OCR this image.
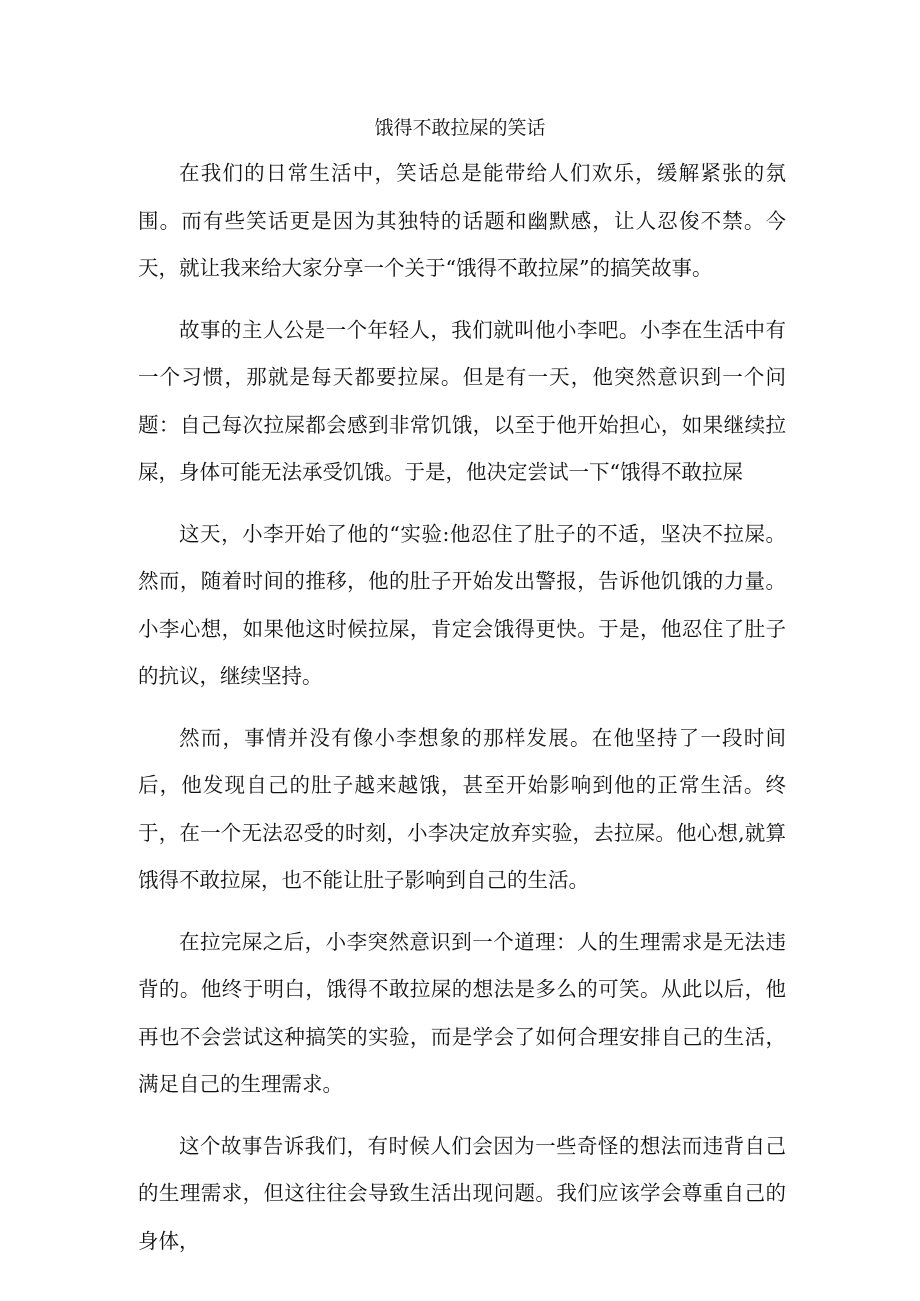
饿得不敢拉屎的笑话

在我们的日常生活中，笑话总是能带给人们欢乐，缓解紧张的氛围。而有些笑话更是因为其独特的话题和幽默感，让人忍俊不禁。今天，就让我来给大家分享一个关于“饿得不敢拉屎”的搞笑故事。

故事的主人公是一个年轻人，我们就叫他小李吧。小李在生活中有一个习惯，那就是每天都要拉屎。但是有一天，他突然意识到一个问题：自己每次拉屎都会感到非常饥饿，以至于他开始担心，如果继续拉屎，身体可能无法承受饥饿。于是，他决定尝试一下“饿得不敢拉屎

这天，小李开始了他的“实验:他忍住了肚子的不适，坚决不拉屎。然而，随着时间的推移，他的肚子开始发出警报，告诉他饥饿的力量。小李心想，如果他这时候拉屎，肯定会饿得更快。于是，他忍住了肚子的抗议，继续坚持。

然而，事情并没有像小李想象的那样发展。在他坚持了一段时间后，他发现自己的肚子越来越饿，甚至开始影响到他的正常生活。终于，在一个无法忍受的时刻，小李决定放弃实验，去拉屎。他心想,就算饿得不敢拉屎，也不能让肚子影响到自己的生活。

在拉完屎之后，小李突然意识到一个道理：人的生理需求是无法违背的。他终于明白，饿得不敢拉屎的想法是多么的可笑。从此以后，他再也不会尝试这种搞笑的实验，而是学会了如何合理安排自己的生活，满足自己的生理需求。

这个故事告诉我们，有时候人们会因为一些奇怪的想法而违背自己的生理需求，但这往往会导致生活出现问题。我们应该学会尊重自己的身体，
